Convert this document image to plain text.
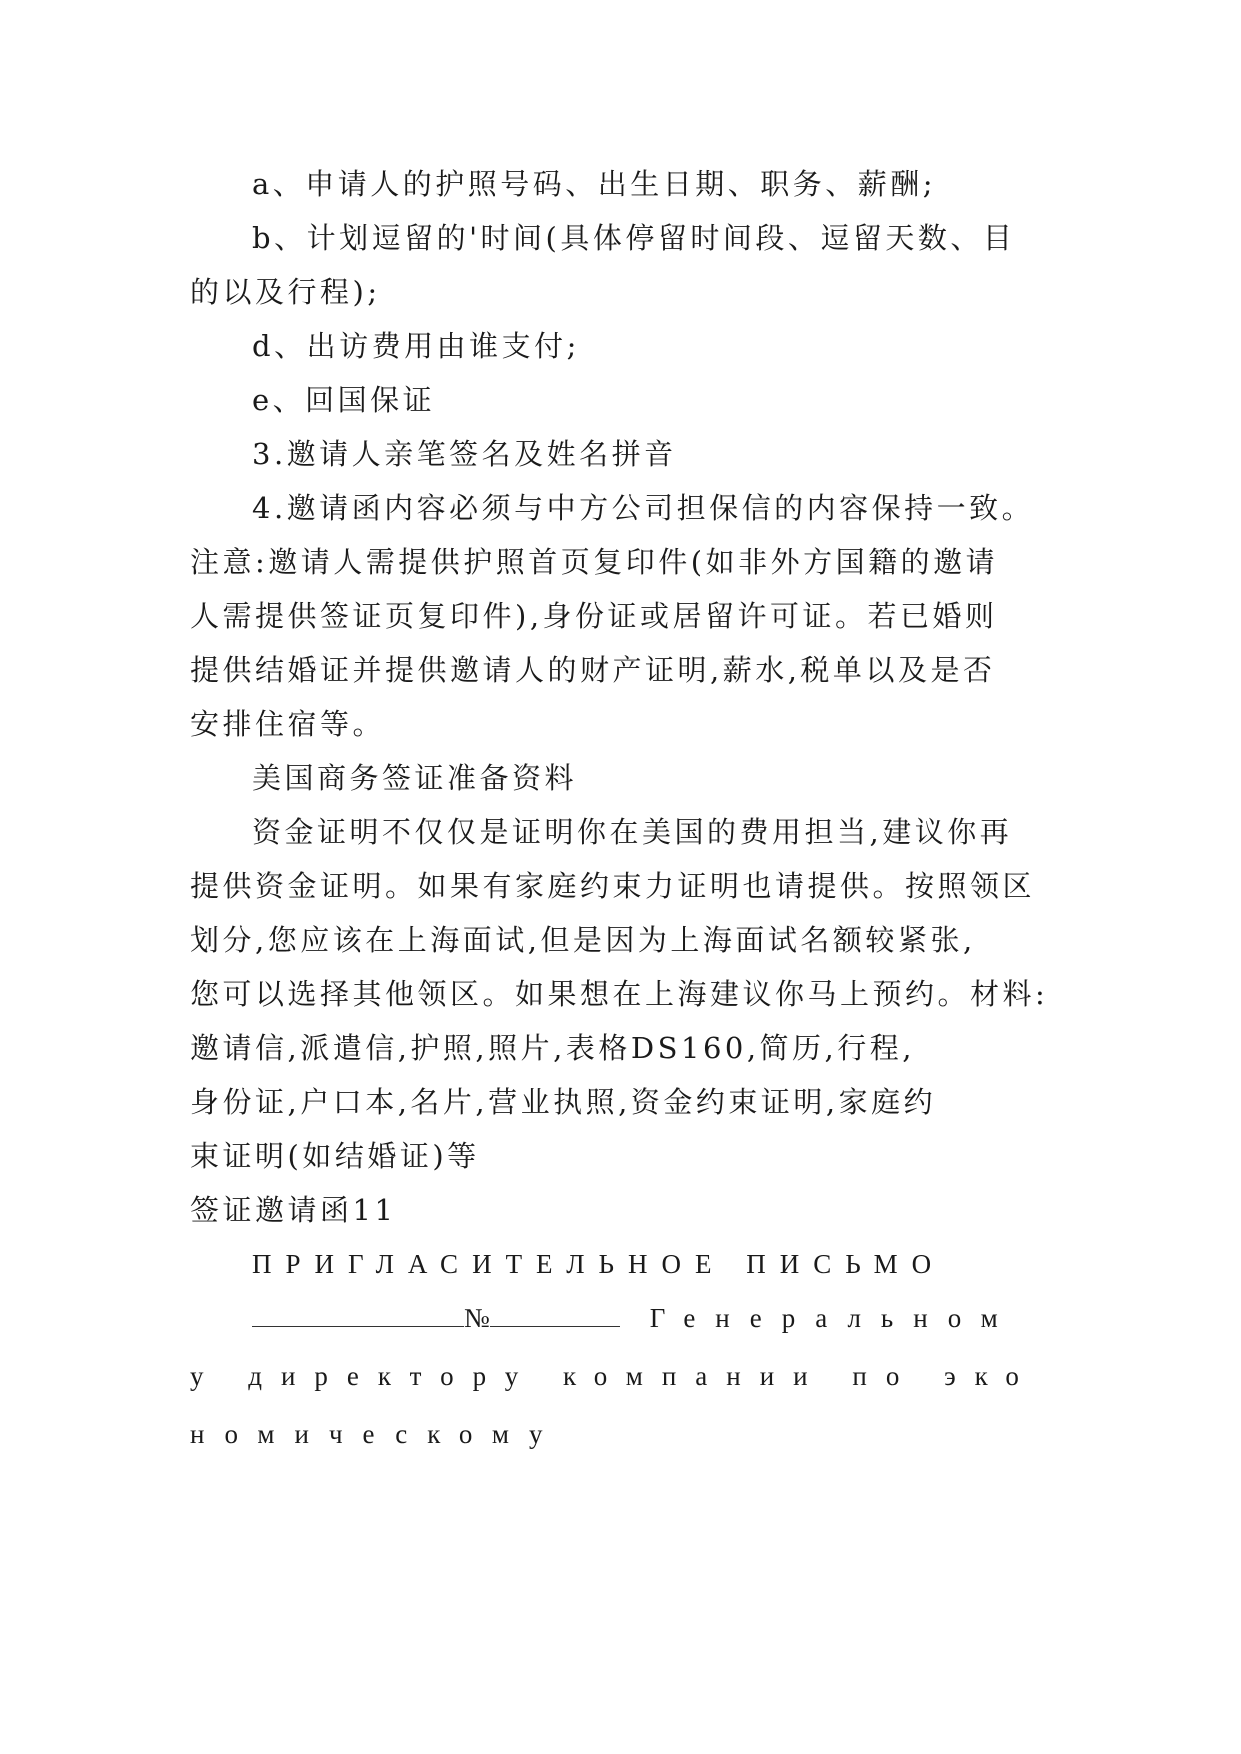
a、申请人的护照号码、出生日期、职务、薪酬;
b、计划逗留的'时间(具体停留时间段、逗留天数、目
的以及行程);
d、出访费用由谁支付;
e、回国保证
3.邀请人亲笔签名及姓名拼音
4.邀请函内容必须与中方公司担保信的内容保持一致。
注意:邀请人需提供护照首页复印件(如非外方国籍的邀请
人需提供签证页复印件),身份证或居留许可证。若已婚则
提供结婚证并提供邀请人的财产证明,薪水,税单以及是否
安排住宿等。
美国商务签证准备资料
资金证明不仅仅是证明你在美国的费用担当,建议你再
提供资金证明。如果有家庭约束力证明也请提供。按照领区
划分,您应该在上海面试,但是因为上海面试名额较紧张,
您可以选择其他领区。如果想在上海建议你马上预约。材料:
邀请信,派遣信,护照,照片,表格DS160,简历,行程,
身份证,户口本,名片,营业执照,资金约束证明,家庭约
束证明(如结婚证)等
签证邀请函11
ПРИГЛАСИТЕЛЬНОЕ ПИСЬМО
№	Генеральном
у директору компании по эко
номическому
